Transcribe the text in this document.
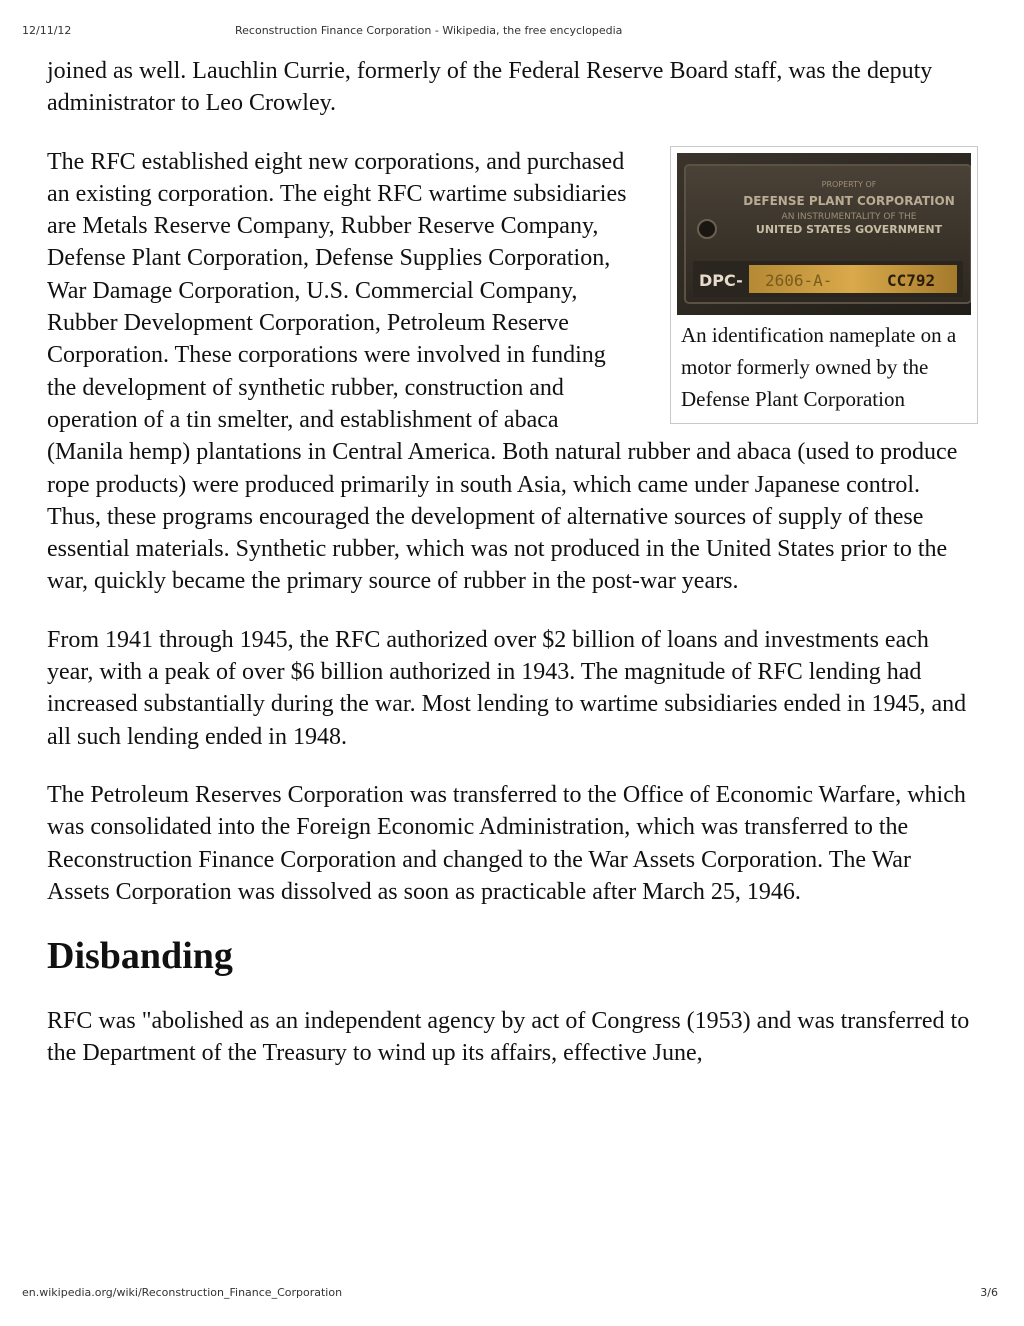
12/11/12	Reconstruction Finance Corporation - Wikipedia, the free encyclopedia

joined as well. Lauchlin Currie, formerly of the Federal Reserve Board staff, was the deputy administrator to Leo Crowley.

PROPERTY OF
DEFENSE PLANT CORPORATION
AN INSTRUMENTALITY OF THE
UNITED STATES GOVERNMENT
DPC- 2606-A-	CC792
An identification nameplate on a motor formerly owned by the Defense Plant Corporation

The RFC established eight new corporations, and purchased an existing corporation. The eight RFC wartime subsidiaries are Metals Reserve Company, Rubber Reserve Company, Defense Plant Corporation, Defense Supplies Corporation, War Damage Corporation, U.S. Commercial Company, Rubber Development Corporation, Petroleum Reserve Corporation. These corporations were involved in funding the development of synthetic rubber, construction and operation of a tin smelter, and establishment of abaca (Manila hemp) plantations in Central America. Both natural rubber and abaca (used to produce rope products) were produced primarily in south Asia, which came under Japanese control. Thus, these programs encouraged the development of alternative sources of supply of these essential materials. Synthetic rubber, which was not produced in the United States prior to the war, quickly became the primary source of rubber in the post-war years.

From 1941 through 1945, the RFC authorized over $2 billion of loans and investments each year, with a peak of over $6 billion authorized in 1943. The magnitude of RFC lending had increased substantially during the war. Most lending to wartime subsidiaries ended in 1945, and all such lending ended in 1948.

The Petroleum Reserves Corporation was transferred to the Office of Economic Warfare, which was consolidated into the Foreign Economic Administration, which was transferred to the Reconstruction Finance Corporation and changed to the War Assets Corporation. The War Assets Corporation was dissolved as soon as practicable after March 25, 1946.

Disbanding

RFC was "abolished as an independent agency by act of Congress (1953) and was transferred to the Department of the Treasury to wind up its affairs, effective June,

en.wikipedia.org/wiki/Reconstruction_Finance_Corporation	3/6
